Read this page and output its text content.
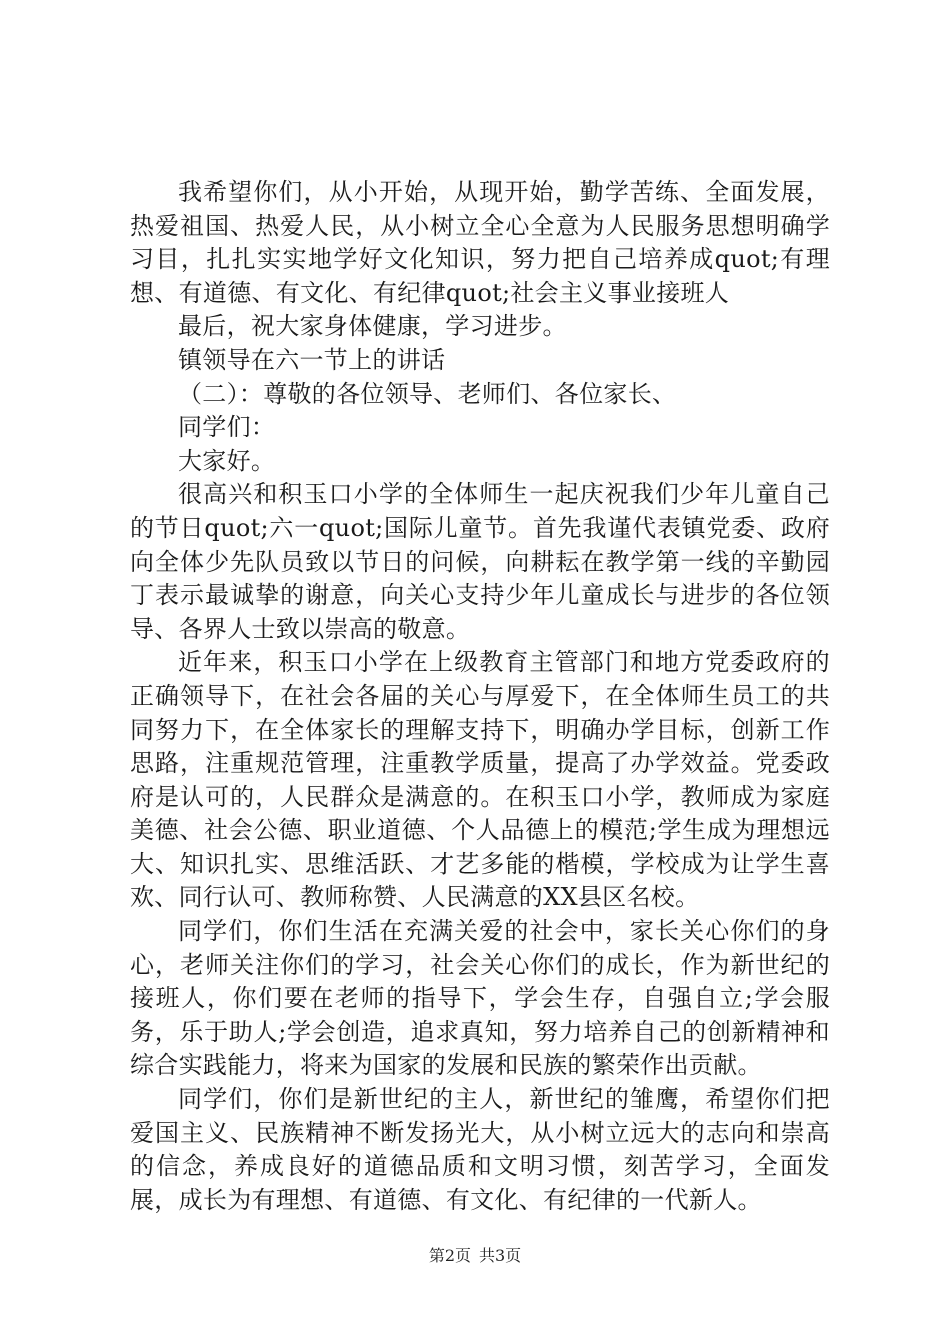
我希望你们，从小开始，从现开始，勤学苦练、全面发展，热爱祖国、热爱人民，从小树立全心全意为人民服务思想明确学习目，扎扎实实地学好文化知识，努力把自己培养成quot;有理想、有道德、有文化、有纪律quot;社会主义事业接班人

最后，祝大家身体健康，学习进步。

镇领导在六一节上的讲话

（二）：尊敬的各位领导、老师们、各位家长、

同学们：

大家好。

很高兴和积玉口小学的全体师生一起庆祝我们少年儿童自己的节日quot;六一quot;国际儿童节。首先我谨代表镇党委、政府向全体少先队员致以节日的问候，向耕耘在教学第一线的辛勤园丁表示最诚挚的谢意，向关心支持少年儿童成长与进步的各位领导、各界人士致以崇高的敬意。

近年来，积玉口小学在上级教育主管部门和地方党委政府的正确领导下，在社会各届的关心与厚爱下，在全体师生员工的共同努力下，在全体家长的理解支持下，明确办学目标，创新工作思路，注重规范管理，注重教学质量，提高了办学效益。党委政府是认可的，人民群众是满意的。在积玉口小学，教师成为家庭美德、社会公德、职业道德、个人品德上的模范;学生成为理想远大、知识扎实、思维活跃、才艺多能的楷模，学校成为让学生喜欢、同行认可、教师称赞、人民满意的XX县区名校。

同学们，你们生活在充满关爱的社会中，家长关心你们的身心，老师关注你们的学习，社会关心你们的成长，作为新世纪的接班人，你们要在老师的指导下，学会生存，自强自立;学会服务，乐于助人;学会创造，追求真知，努力培养自己的创新精神和综合实践能力，将来为国家的发展和民族的繁荣作出贡献。

同学们，你们是新世纪的主人，新世纪的雏鹰，希望你们把爱国主义、民族精神不断发扬光大，从小树立远大的志向和崇高的信念，养成良好的道德品质和文明习惯，刻苦学习，全面发展，成长为有理想、有道德、有文化、有纪律的一代新人。

第2页 共3页
